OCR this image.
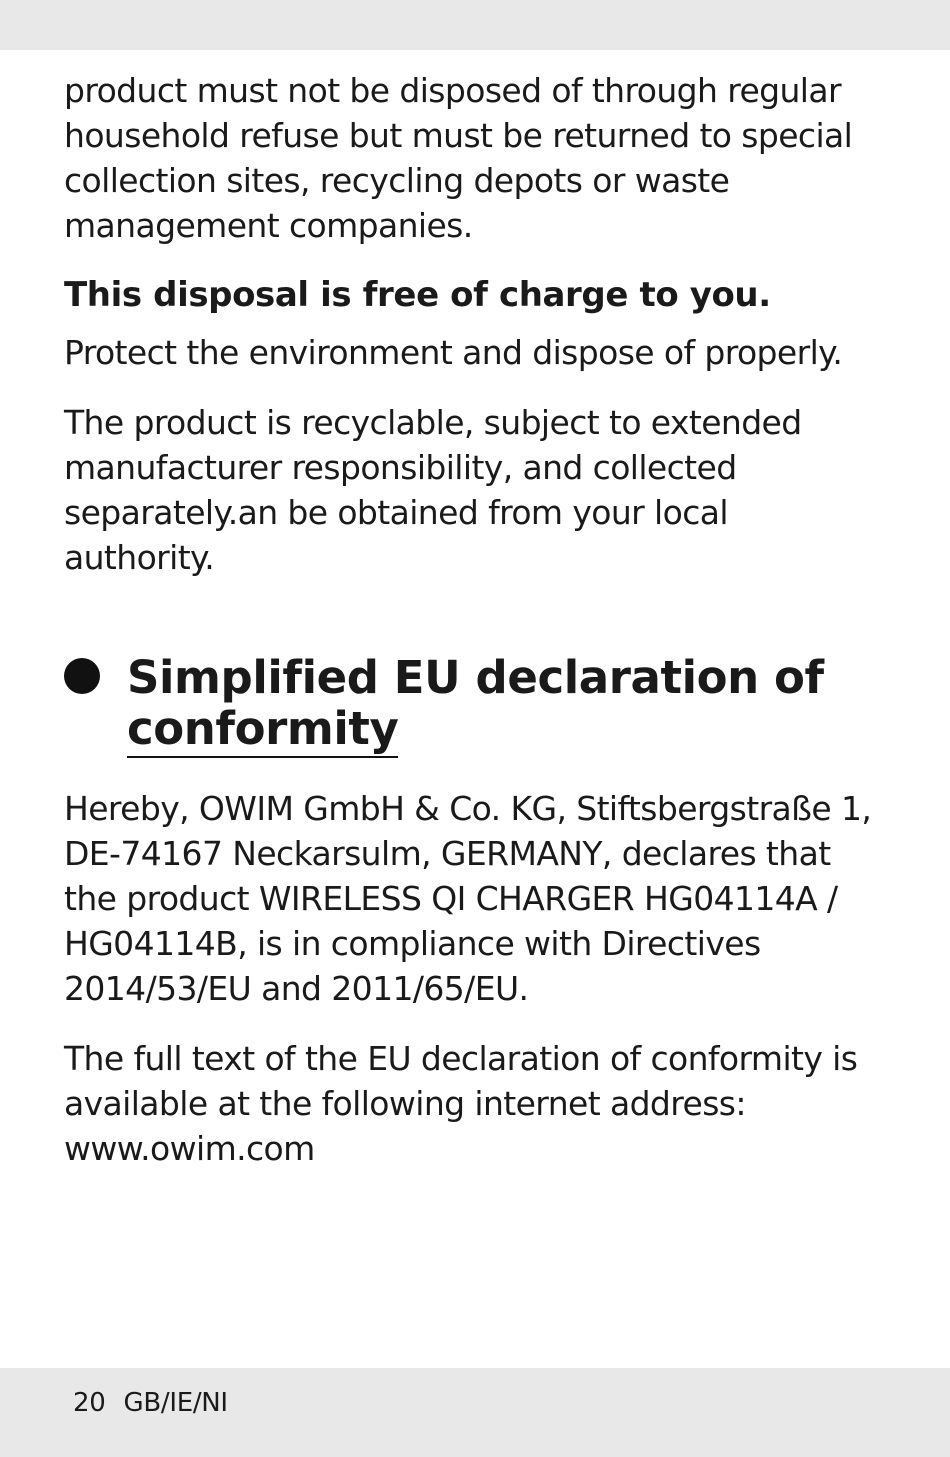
product must not be disposed of through regular household refuse but must be returned to special collection sites, recycling depots or waste management companies.

This disposal is free of charge to you.

Protect the environment and dispose of properly.

The product is recyclable, subject to extended manufacturer responsibility, and collected separately.an be obtained from your local authority.

Simplified EU declaration of
conformity

Hereby, OWIM GmbH & Co. KG, Stiftsbergstraße 1, DE-74167 Neckarsulm, GERMANY, declares that the product WIRELESS QI CHARGER HG04114A / HG04114B, is in compliance with Directives 2014/53/EU and 2011/65/EU.

The full text of the EU declaration of conformity is available at the following internet address:
www.owim.com

20 GB/IE/NI
